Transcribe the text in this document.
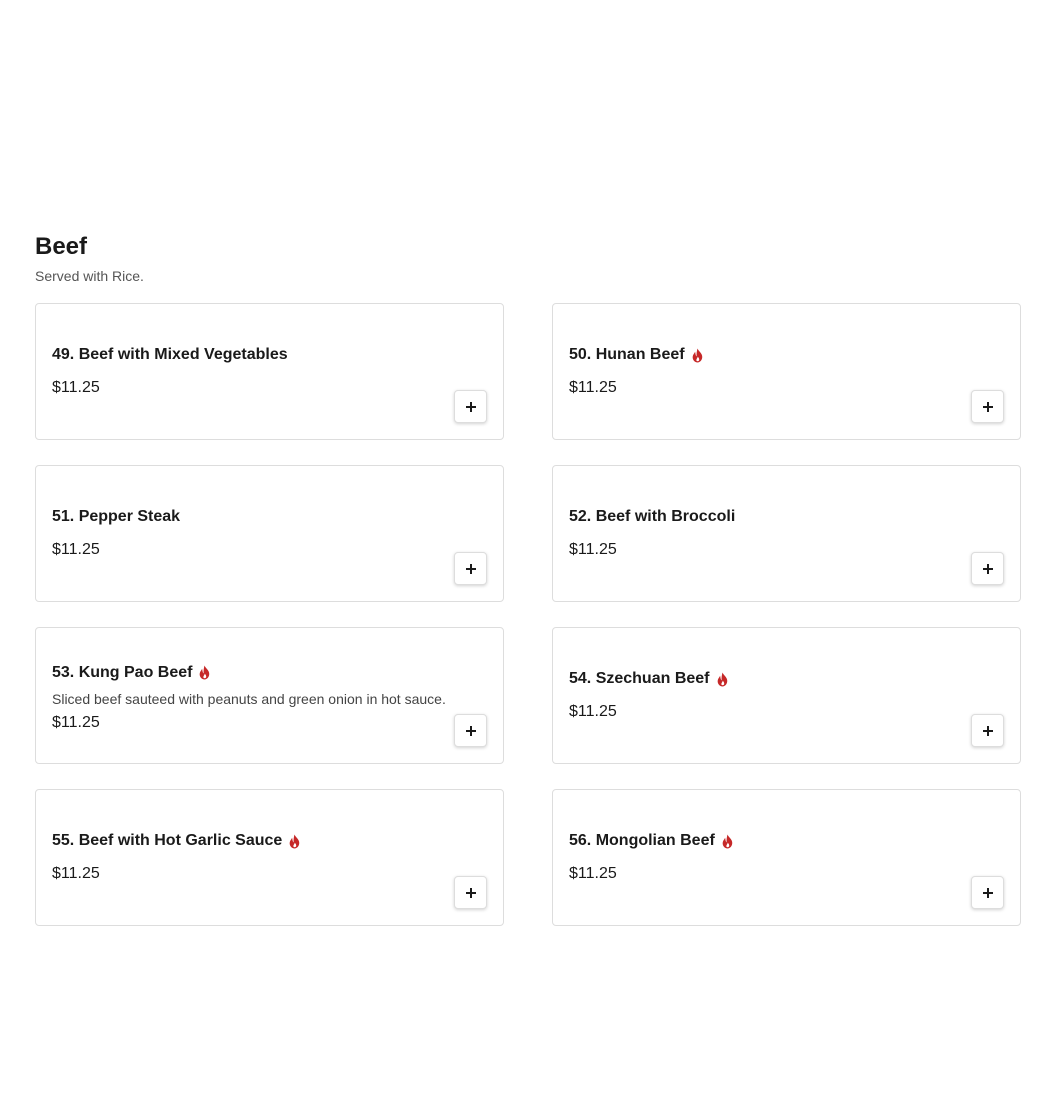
Beef
Served with Rice.
49. Beef with Mixed Vegetables
$11.25
50. Hunan Beef
$11.25
51. Pepper Steak
$11.25
52. Beef with Broccoli
$11.25
53. Kung Pao Beef
Sliced beef sauteed with peanuts and green onion in hot sauce.
$11.25
54. Szechuan Beef
$11.25
55. Beef with Hot Garlic Sauce
$11.25
56. Mongolian Beef
$11.25
